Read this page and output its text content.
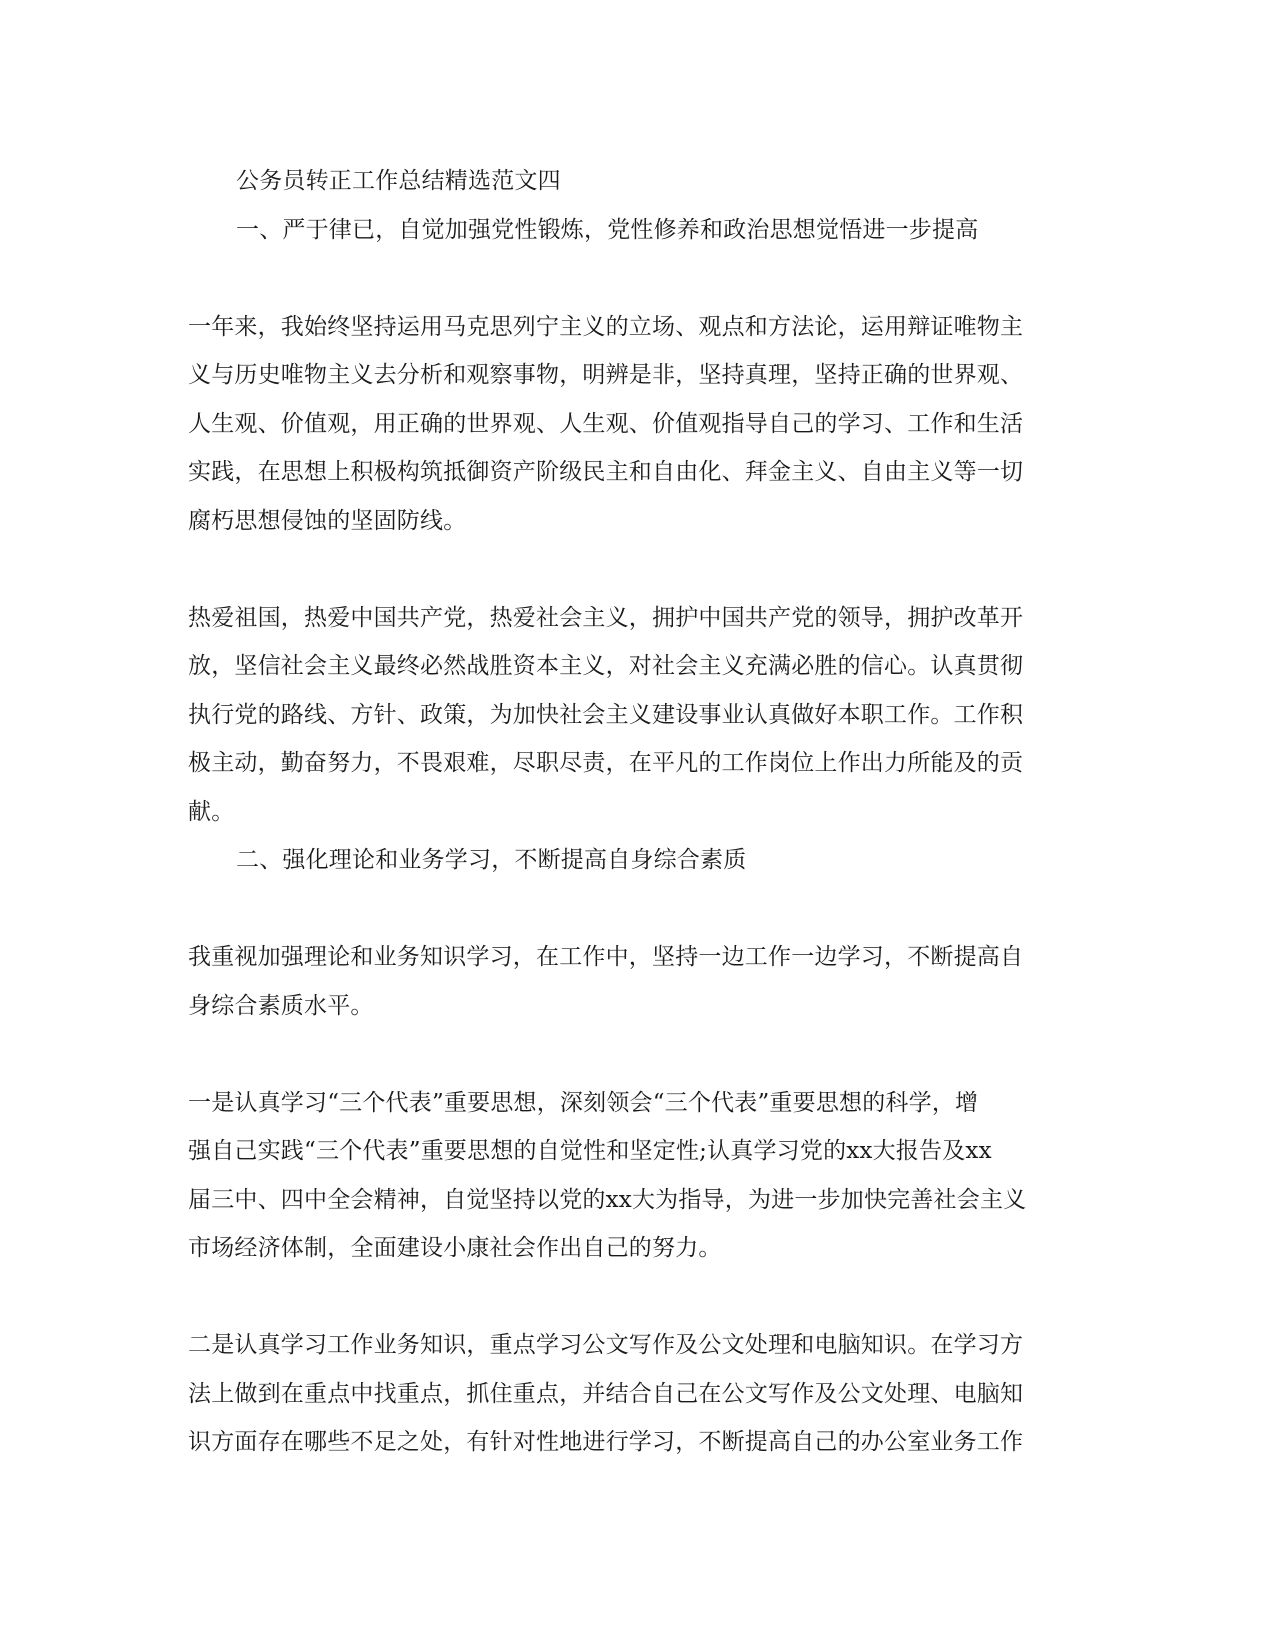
公务员转正工作总结精选范文四
一、严于律已，自觉加强党性锻炼，党性修养和政治思想觉悟进一步提高
一年来，我始终坚持运用马克思列宁主义的立场、观点和方法论，运用辩证唯物主
义与历史唯物主义去分析和观察事物，明辨是非，坚持真理，坚持正确的世界观、
人生观、价值观，用正确的世界观、人生观、价值观指导自己的学习、工作和生活
实践，在思想上积极构筑抵御资产阶级民主和自由化、拜金主义、自由主义等一切
腐朽思想侵蚀的坚固防线。
热爱祖国，热爱中国共产党，热爱社会主义，拥护中国共产党的领导，拥护改革开
放，坚信社会主义最终必然战胜资本主义，对社会主义充满必胜的信心。认真贯彻
执行党的路线、方针、政策，为加快社会主义建设事业认真做好本职工作。工作积
极主动，勤奋努力，不畏艰难，尽职尽责，在平凡的工作岗位上作出力所能及的贡
献。
二、强化理论和业务学习，不断提高自身综合素质
我重视加强理论和业务知识学习，在工作中，坚持一边工作一边学习，不断提高自
身综合素质水平。
一是认真学习“三个代表”重要思想，深刻领会“三个代表”重要思想的科学，增
强自己实践“三个代表”重要思想的自觉性和坚定性;认真学习党的xx大报告及xx
届三中、四中全会精神，自觉坚持以党的xx大为指导，为进一步加快完善社会主义
市场经济体制，全面建设小康社会作出自己的努力。
二是认真学习工作业务知识，重点学习公文写作及公文处理和电脑知识。在学习方
法上做到在重点中找重点，抓住重点，并结合自己在公文写作及公文处理、电脑知
识方面存在哪些不足之处，有针对性地进行学习，不断提高自己的办公室业务工作
